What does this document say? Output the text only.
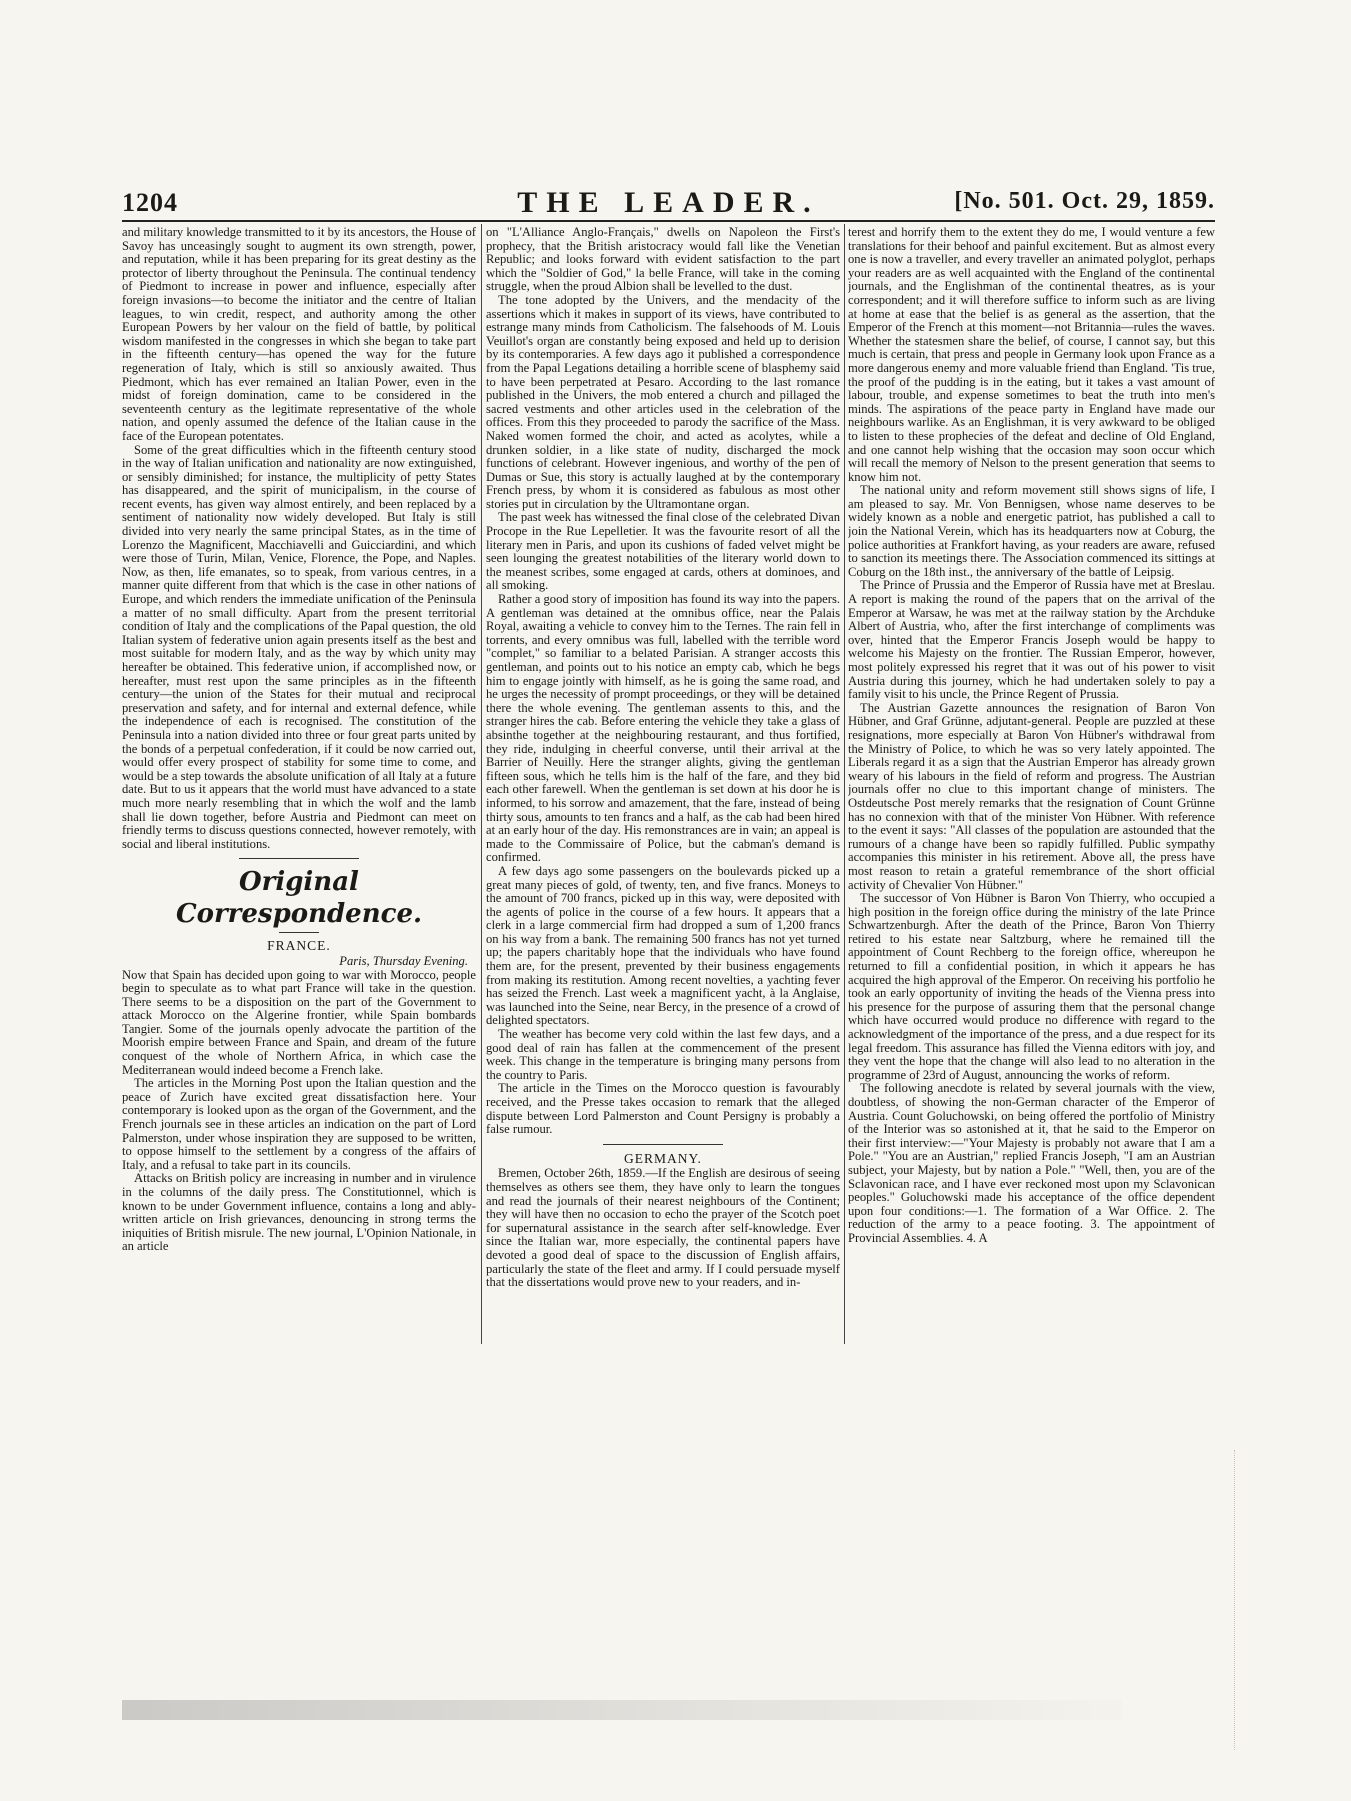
1204	THE LEADER.	[No. 501. Oct. 29, 1859.

and military knowledge transmitted to it by its ancestors, the House of Savoy has unceasingly sought to augment its own strength, power, and reputation, while it has been preparing for its great destiny as the protector of liberty throughout the Peninsula. The continual tendency of Piedmont to increase in power and influence, especially after foreign invasions—to become the initiator and the centre of Italian leagues, to win credit, respect, and authority among the other European Powers by her valour on the field of battle, by political wisdom manifested in the congresses in which she began to take part in the fifteenth century—has opened the way for the future regeneration of Italy, which is still so anxiously awaited. Thus Piedmont, which has ever remained an Italian Power, even in the midst of foreign domination, came to be considered in the seventeenth century as the legitimate representative of the whole nation, and openly assumed the defence of the Italian cause in the face of the European potentates.

Some of the great difficulties which in the fifteenth century stood in the way of Italian unification and nationality are now extinguished, or sensibly diminished; for instance, the multiplicity of petty States has disappeared, and the spirit of municipalism, in the course of recent events, has given way almost entirely, and been replaced by a sentiment of nationality now widely developed. But Italy is still divided into very nearly the same principal States, as in the time of Lorenzo the Magnificent, Macchiavelli and Guicciardini, and which were those of Turin, Milan, Venice, Florence, the Pope, and Naples. Now, as then, life emanates, so to speak, from various centres, in a manner quite different from that which is the case in other nations of Europe, and which renders the immediate unification of the Peninsula a matter of no small difficulty. Apart from the present territorial condition of Italy and the complications of the Papal question, the old Italian system of federative union again presents itself as the best and most suitable for modern Italy, and as the way by which unity may hereafter be obtained. This federative union, if accomplished now, or hereafter, must rest upon the same principles as in the fifteenth century—the union of the States for their mutual and reciprocal preservation and safety, and for internal and external defence, while the independence of each is recognised. The constitution of the Peninsula into a nation divided into three or four great parts united by the bonds of a perpetual confederation, if it could be now carried out, would offer every prospect of stability for some time to come, and would be a step towards the absolute unification of all Italy at a future date. But to us it appears that the world must have advanced to a state much more nearly resembling that in which the wolf and the lamb shall lie down together, before Austria and Piedmont can meet on friendly terms to discuss questions connected, however remotely, with social and liberal institutions.

Original Correspondence.
FRANCE.
Paris, Thursday Evening.

Now that Spain has decided upon going to war with Morocco, people begin to speculate as to what part France will take in the question. There seems to be a disposition on the part of the Government to attack Morocco on the Algerine frontier, while Spain bombards Tangier. Some of the journals openly advocate the partition of the Moorish empire between France and Spain, and dream of the future conquest of the whole of Northern Africa, in which case the Mediterranean would indeed become a French lake.

The articles in the Morning Post upon the Italian question and the peace of Zurich have excited great dissatisfaction here. Your contemporary is looked upon as the organ of the Government, and the French journals see in these articles an indication on the part of Lord Palmerston, under whose inspiration they are supposed to be written, to oppose himself to the settlement by a congress of the affairs of Italy, and a refusal to take part in its councils.

Attacks on British policy are increasing in number and in virulence in the columns of the daily press. The Constitutionnel, which is known to be under Government influence, contains a long and ably-written article on Irish grievances, denouncing in strong terms the iniquities of British misrule. The new journal, L'Opinion Nationale, in an article

on "L'Alliance Anglo-Français," dwells on Napoleon the First's prophecy, that the British aristocracy would fall like the Venetian Republic; and looks forward with evident satisfaction to the part which the "Soldier of God," la belle France, will take in the coming struggle, when the proud Albion shall be levelled to the dust.

The tone adopted by the Univers, and the mendacity of the assertions which it makes in support of its views, have contributed to estrange many minds from Catholicism. The falsehoods of M. Louis Veuillot's organ are constantly being exposed and held up to derision by its contemporaries. A few days ago it published a correspondence from the Papal Legations detailing a horrible scene of blasphemy said to have been perpetrated at Pesaro. According to the last romance published in the Univers, the mob entered a church and pillaged the sacred vestments and other articles used in the celebration of the offices. From this they proceeded to parody the sacrifice of the Mass. Naked women formed the choir, and acted as acolytes, while a drunken soldier, in a like state of nudity, discharged the mock functions of celebrant. However ingenious, and worthy of the pen of Dumas or Sue, this story is actually laughed at by the contemporary French press, by whom it is considered as fabulous as most other stories put in circulation by the Ultramontane organ.

The past week has witnessed the final close of the celebrated Divan Procope in the Rue Lepelletier. It was the favourite resort of all the literary men in Paris, and upon its cushions of faded velvet might be seen lounging the greatest notabilities of the literary world down to the meanest scribes, some engaged at cards, others at dominoes, and all smoking.

Rather a good story of imposition has found its way into the papers. A gentleman was detained at the omnibus office, near the Palais Royal, awaiting a vehicle to convey him to the Ternes. The rain fell in torrents, and every omnibus was full, labelled with the terrible word "complet," so familiar to a belated Parisian. A stranger accosts this gentleman, and points out to his notice an empty cab, which he begs him to engage jointly with himself, as he is going the same road, and he urges the necessity of prompt proceedings, or they will be detained there the whole evening. The gentleman assents to this, and the stranger hires the cab. Before entering the vehicle they take a glass of absinthe together at the neighbouring restaurant, and thus fortified, they ride, indulging in cheerful converse, until their arrival at the Barrier of Neuilly. Here the stranger alights, giving the gentleman fifteen sous, which he tells him is the half of the fare, and they bid each other farewell. When the gentleman is set down at his door he is informed, to his sorrow and amazement, that the fare, instead of being thirty sous, amounts to ten francs and a half, as the cab had been hired at an early hour of the day. His remonstrances are in vain; an appeal is made to the Commissaire of Police, but the cabman's demand is confirmed.

A few days ago some passengers on the boulevards picked up a great many pieces of gold, of twenty, ten, and five francs. Moneys to the amount of 700 francs, picked up in this way, were deposited with the agents of police in the course of a few hours. It appears that a clerk in a large commercial firm had dropped a sum of 1,200 francs on his way from a bank. The remaining 500 francs has not yet turned up; the papers charitably hope that the individuals who have found them are, for the present, prevented by their business engagements from making its restitution. Among recent novelties, a yachting fever has seized the French. Last week a magnificent yacht, à la Anglaise, was launched into the Seine, near Bercy, in the presence of a crowd of delighted spectators.

The weather has become very cold within the last few days, and a good deal of rain has fallen at the commencement of the present week. This change in the temperature is bringing many persons from the country to Paris.

The article in the Times on the Morocco question is favourably received, and the Presse takes occasion to remark that the alleged dispute between Lord Palmerston and Count Persigny is probably a false rumour.

GERMANY.

Bremen, October 26th, 1859.—If the English are desirous of seeing themselves as others see them, they have only to learn the tongues and read the journals of their nearest neighbours of the Continent; they will have then no occasion to echo the prayer of the Scotch poet for supernatural assistance in the search after self-knowledge. Ever since the Italian war, more especially, the continental papers have devoted a good deal of space to the discussion of English affairs, particularly the state of the fleet and army. If I could persuade myself that the dissertations would prove new to your readers, and in-

terest and horrify them to the extent they do me, I would venture a few translations for their behoof and painful excitement. But as almost every one is now a traveller, and every traveller an animated polyglot, perhaps your readers are as well acquainted with the England of the continental journals, and the Englishman of the continental theatres, as is your correspondent; and it will therefore suffice to inform such as are living at home at ease that the belief is as general as the assertion, that the Emperor of the French at this moment—not Britannia—rules the waves. Whether the statesmen share the belief, of course, I cannot say, but this much is certain, that press and people in Germany look upon France as a more dangerous enemy and more valuable friend than England. 'Tis true, the proof of the pudding is in the eating, but it takes a vast amount of labour, trouble, and expense sometimes to beat the truth into men's minds. The aspirations of the peace party in England have made our neighbours warlike. As an Englishman, it is very awkward to be obliged to listen to these prophecies of the defeat and decline of Old England, and one cannot help wishing that the occasion may soon occur which will recall the memory of Nelson to the present generation that seems to know him not.

The national unity and reform movement still shows signs of life, I am pleased to say. Mr. Von Bennigsen, whose name deserves to be widely known as a noble and energetic patriot, has published a call to join the National Verein, which has its headquarters now at Coburg, the police authorities at Frankfort having, as your readers are aware, refused to sanction its meetings there. The Association commenced its sittings at Coburg on the 18th inst., the anniversary of the battle of Leipsig.

The Prince of Prussia and the Emperor of Russia have met at Breslau. A report is making the round of the papers that on the arrival of the Emperor at Warsaw, he was met at the railway station by the Archduke Albert of Austria, who, after the first interchange of compliments was over, hinted that the Emperor Francis Joseph would be happy to welcome his Majesty on the frontier. The Russian Emperor, however, most politely expressed his regret that it was out of his power to visit Austria during this journey, which he had undertaken solely to pay a family visit to his uncle, the Prince Regent of Prussia.

The Austrian Gazette announces the resignation of Baron Von Hübner, and Graf Grünne, adjutant-general. People are puzzled at these resignations, more especially at Baron Von Hübner's withdrawal from the Ministry of Police, to which he was so very lately appointed. The Liberals regard it as a sign that the Austrian Emperor has already grown weary of his labours in the field of reform and progress. The Austrian journals offer no clue to this important change of ministers. The Ostdeutsche Post merely remarks that the resignation of Count Grünne has no connexion with that of the minister Von Hübner. With reference to the event it says: "All classes of the population are astounded that the rumours of a change have been so rapidly fulfilled. Public sympathy accompanies this minister in his retirement. Above all, the press have most reason to retain a grateful remembrance of the short official activity of Chevalier Von Hübner."

The successor of Von Hübner is Baron Von Thierry, who occupied a high position in the foreign office during the ministry of the late Prince Schwartzenburgh. After the death of the Prince, Baron Von Thierry retired to his estate near Saltzburg, where he remained till the appointment of Count Rechberg to the foreign office, whereupon he returned to fill a confidential position, in which it appears he has acquired the high approval of the Emperor. On receiving his portfolio he took an early opportunity of inviting the heads of the Vienna press into his presence for the purpose of assuring them that the personal change which have occurred would produce no difference with regard to the acknowledgment of the importance of the press, and a due respect for its legal freedom. This assurance has filled the Vienna editors with joy, and they vent the hope that the change will also lead to no alteration in the programme of 23rd of August, announcing the works of reform.

The following anecdote is related by several journals with the view, doubtless, of showing the non-German character of the Emperor of Austria. Count Goluchowski, on being offered the portfolio of Ministry of the Interior was so astonished at it, that he said to the Emperor on their first interview:—"Your Majesty is probably not aware that I am a Pole." "You are an Austrian," replied Francis Joseph, "I am an Austrian subject, your Majesty, but by nation a Pole." "Well, then, you are of the Sclavonican race, and I have ever reckoned most upon my Sclavonican peoples." Goluchowski made his acceptance of the office dependent upon four conditions:—1. The formation of a War Office. 2. The reduction of the army to a peace footing. 3. The appointment of Provincial Assemblies. 4. A
